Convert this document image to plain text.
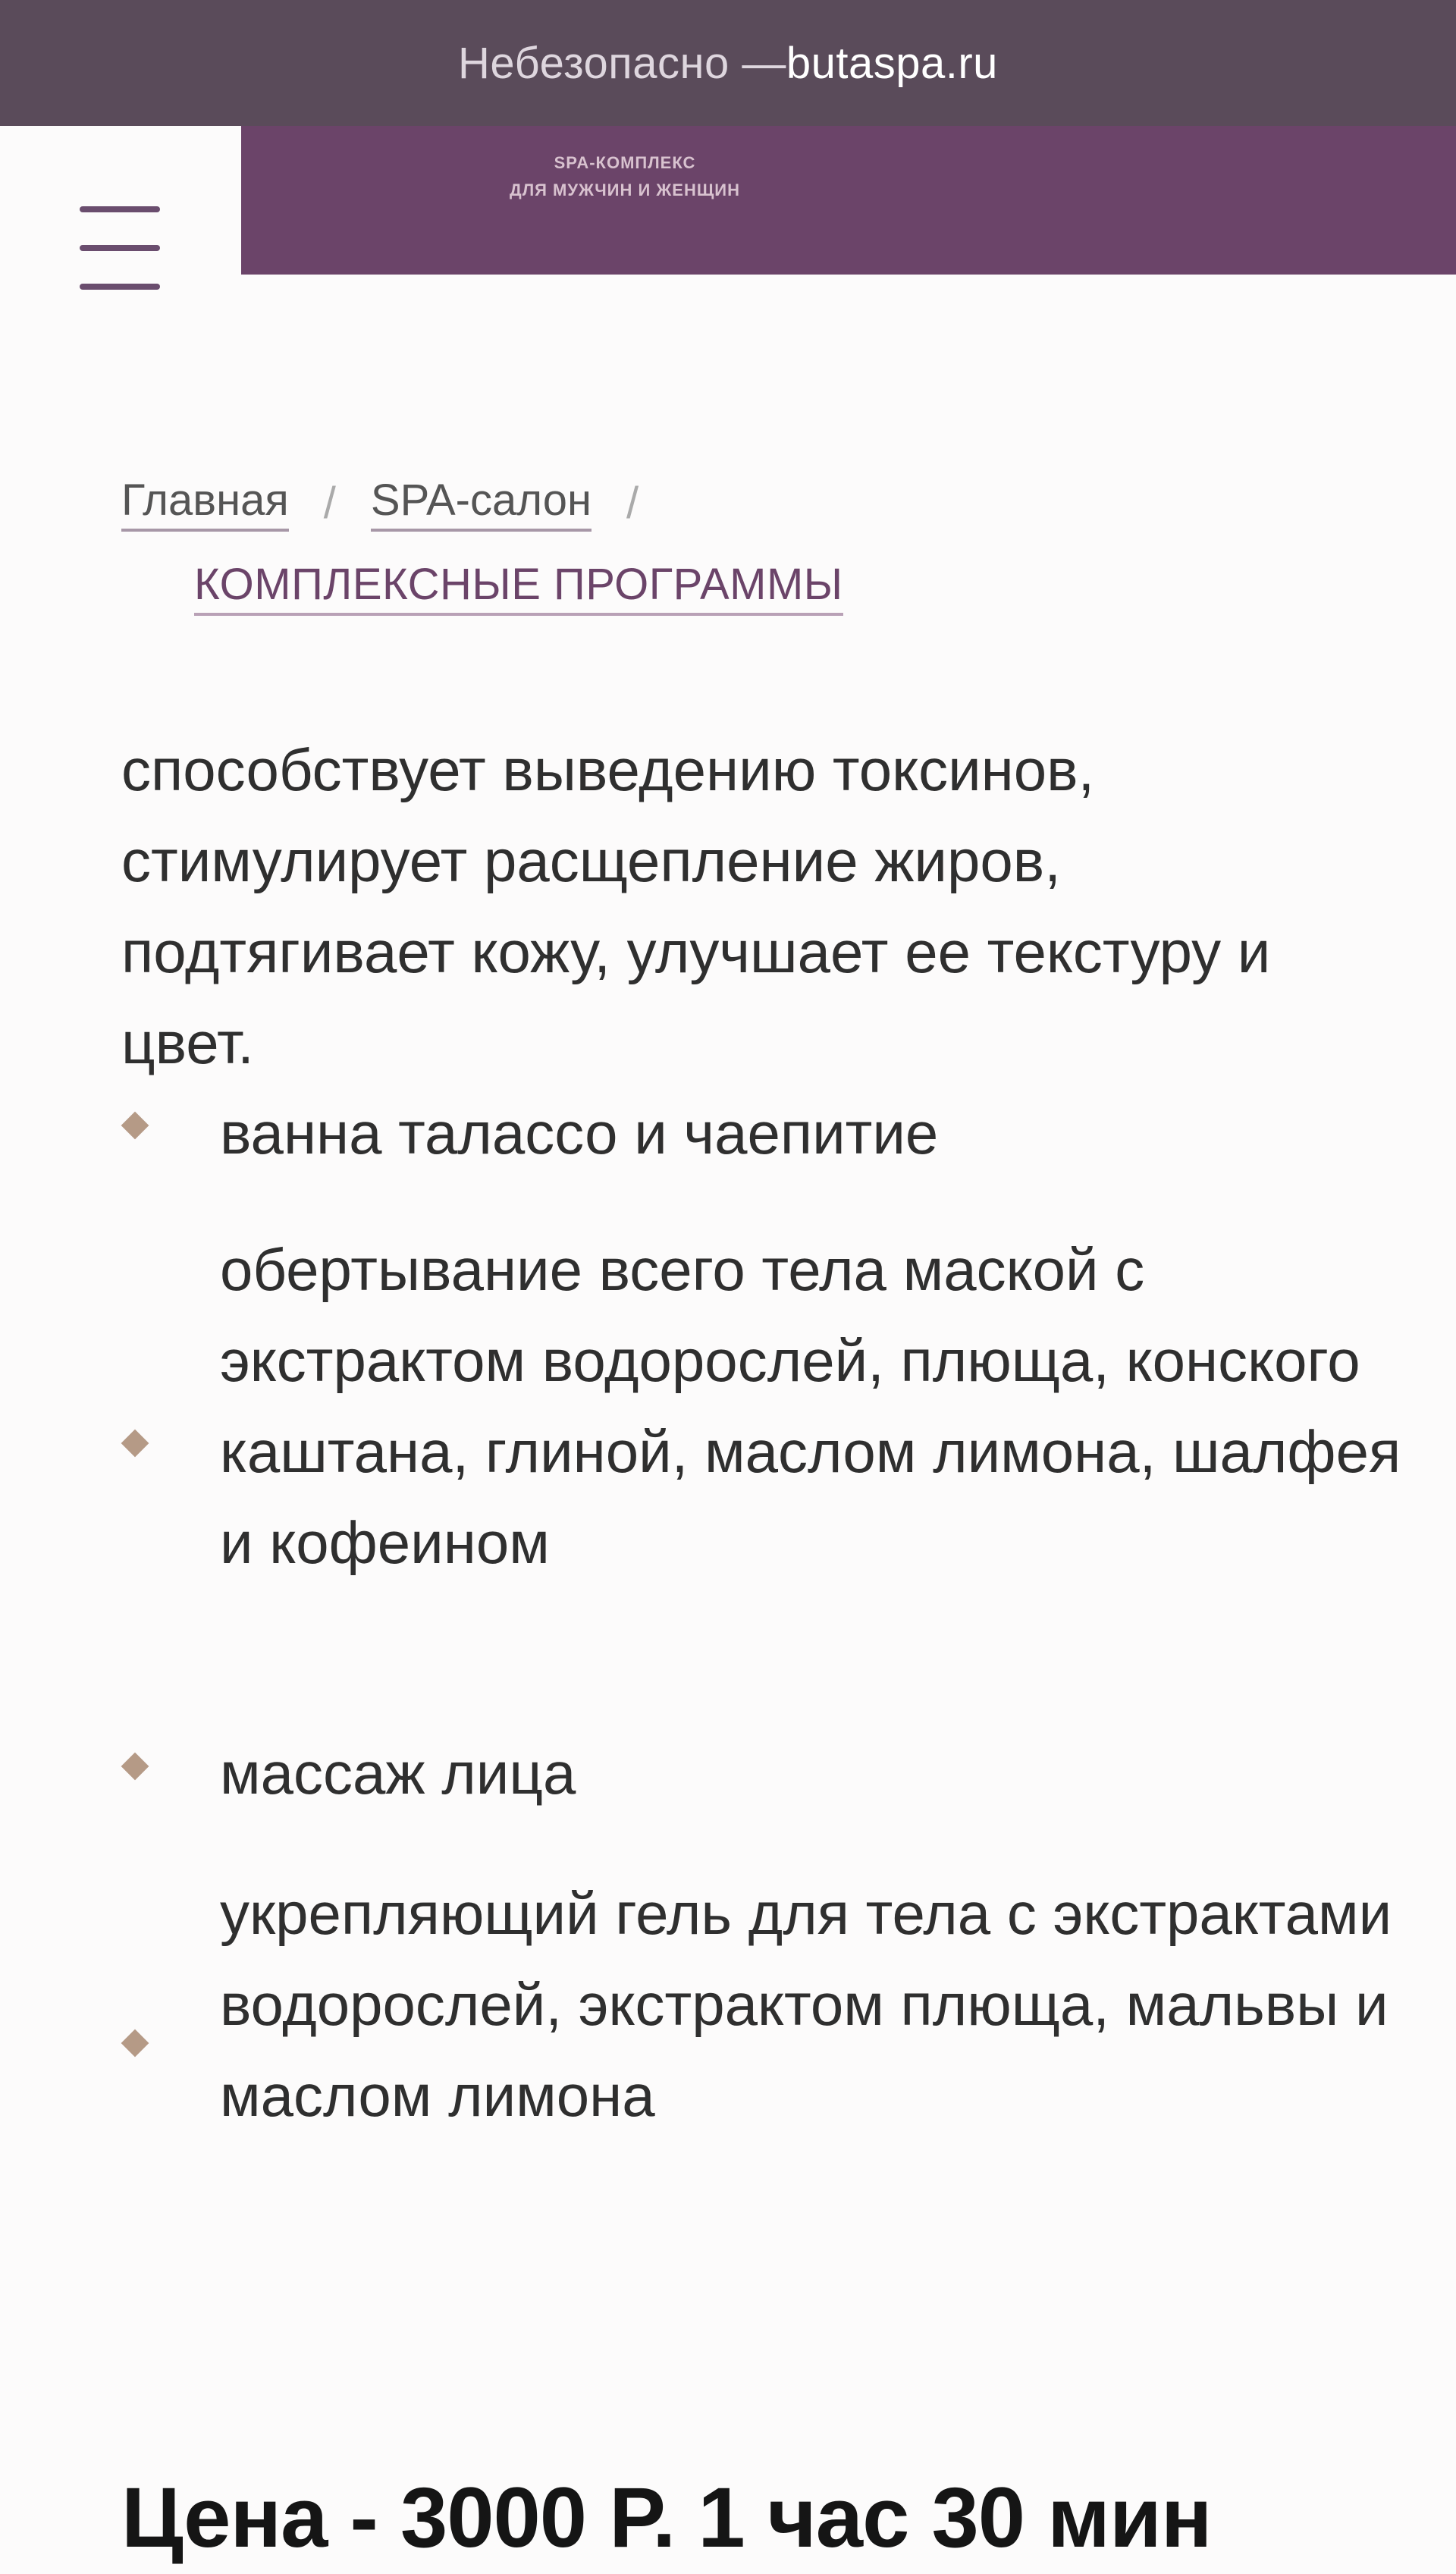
Небезопасно — butaspa.ru
SPA-КОМПЛЕКС
ДЛЯ МУЖЧИН И ЖЕНЩИН
Главная / SPA-салон /
КОМПЛЕКСНЫЕ ПРОГРАММЫ

способствует выведению токсинов, стимулирует расщепление жиров, подтягивает кожу, улучшает ее текстуру и цвет.

ванна талассо и чаепитие
обертывание всего тела маской с экстрактом водорослей, плюща, конского каштана, глиной, маслом лимона, шалфея и кофеином
массаж лица
укрепляющий гель для тела с экстрактами водорослей, экстрактом плюща, мальвы и маслом лимона
Цена - 3000 Р. 1 час 30 мин
